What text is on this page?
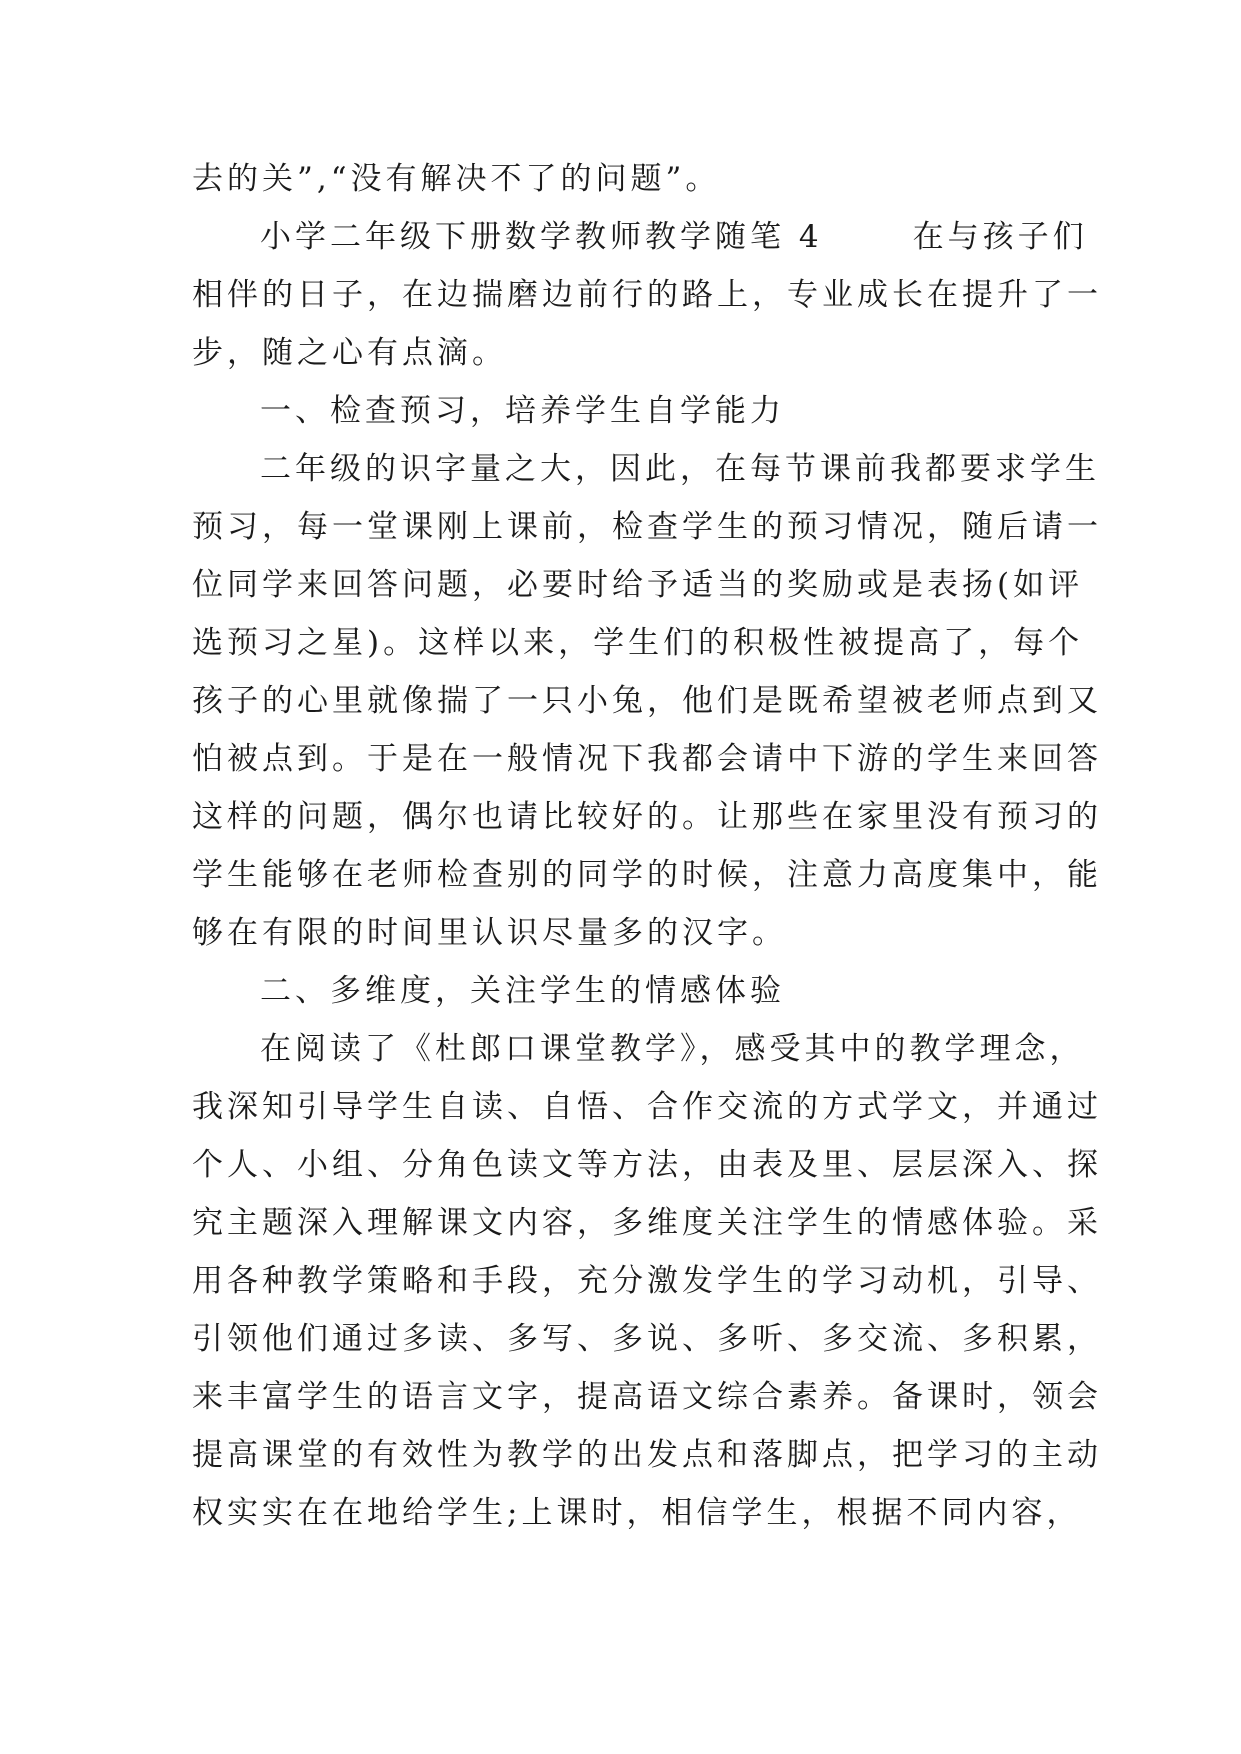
去的关”,“没有解决不了的问题”。
小学二年级下册数学教师教学随笔 4	在与孩子们
相伴的日子，在边揣磨边前行的路上，专业成长在提升了一
步，随之心有点滴。
一、检查预习，培养学生自学能力
二年级的识字量之大，因此，在每节课前我都要求学生
预习，每一堂课刚上课前，检查学生的预习情况，随后请一
位同学来回答问题，必要时给予适当的奖励或是表扬(如评
选预习之星)。这样以来，学生们的积极性被提高了，每个
孩子的心里就像揣了一只小兔，他们是既希望被老师点到又
怕被点到。于是在一般情况下我都会请中下游的学生来回答
这样的问题，偶尔也请比较好的。让那些在家里没有预习的
学生能够在老师检查别的同学的时候，注意力高度集中，能
够在有限的时间里认识尽量多的汉字。
二、多维度，关注学生的情感体验
在阅读了《杜郎口课堂教学》，感受其中的教学理念，
我深知引导学生自读、自悟、合作交流的方式学文，并通过
个人、小组、分角色读文等方法，由表及里、层层深入、探
究主题深入理解课文内容，多维度关注学生的情感体验。采
用各种教学策略和手段，充分激发学生的学习动机，引导、
引领他们通过多读、多写、多说、多听、多交流、多积累，
来丰富学生的语言文字，提高语文综合素养。备课时，领会
提高课堂的有效性为教学的出发点和落脚点，把学习的主动
权实实在在地给学生;上课时，相信学生，根据不同内容，
